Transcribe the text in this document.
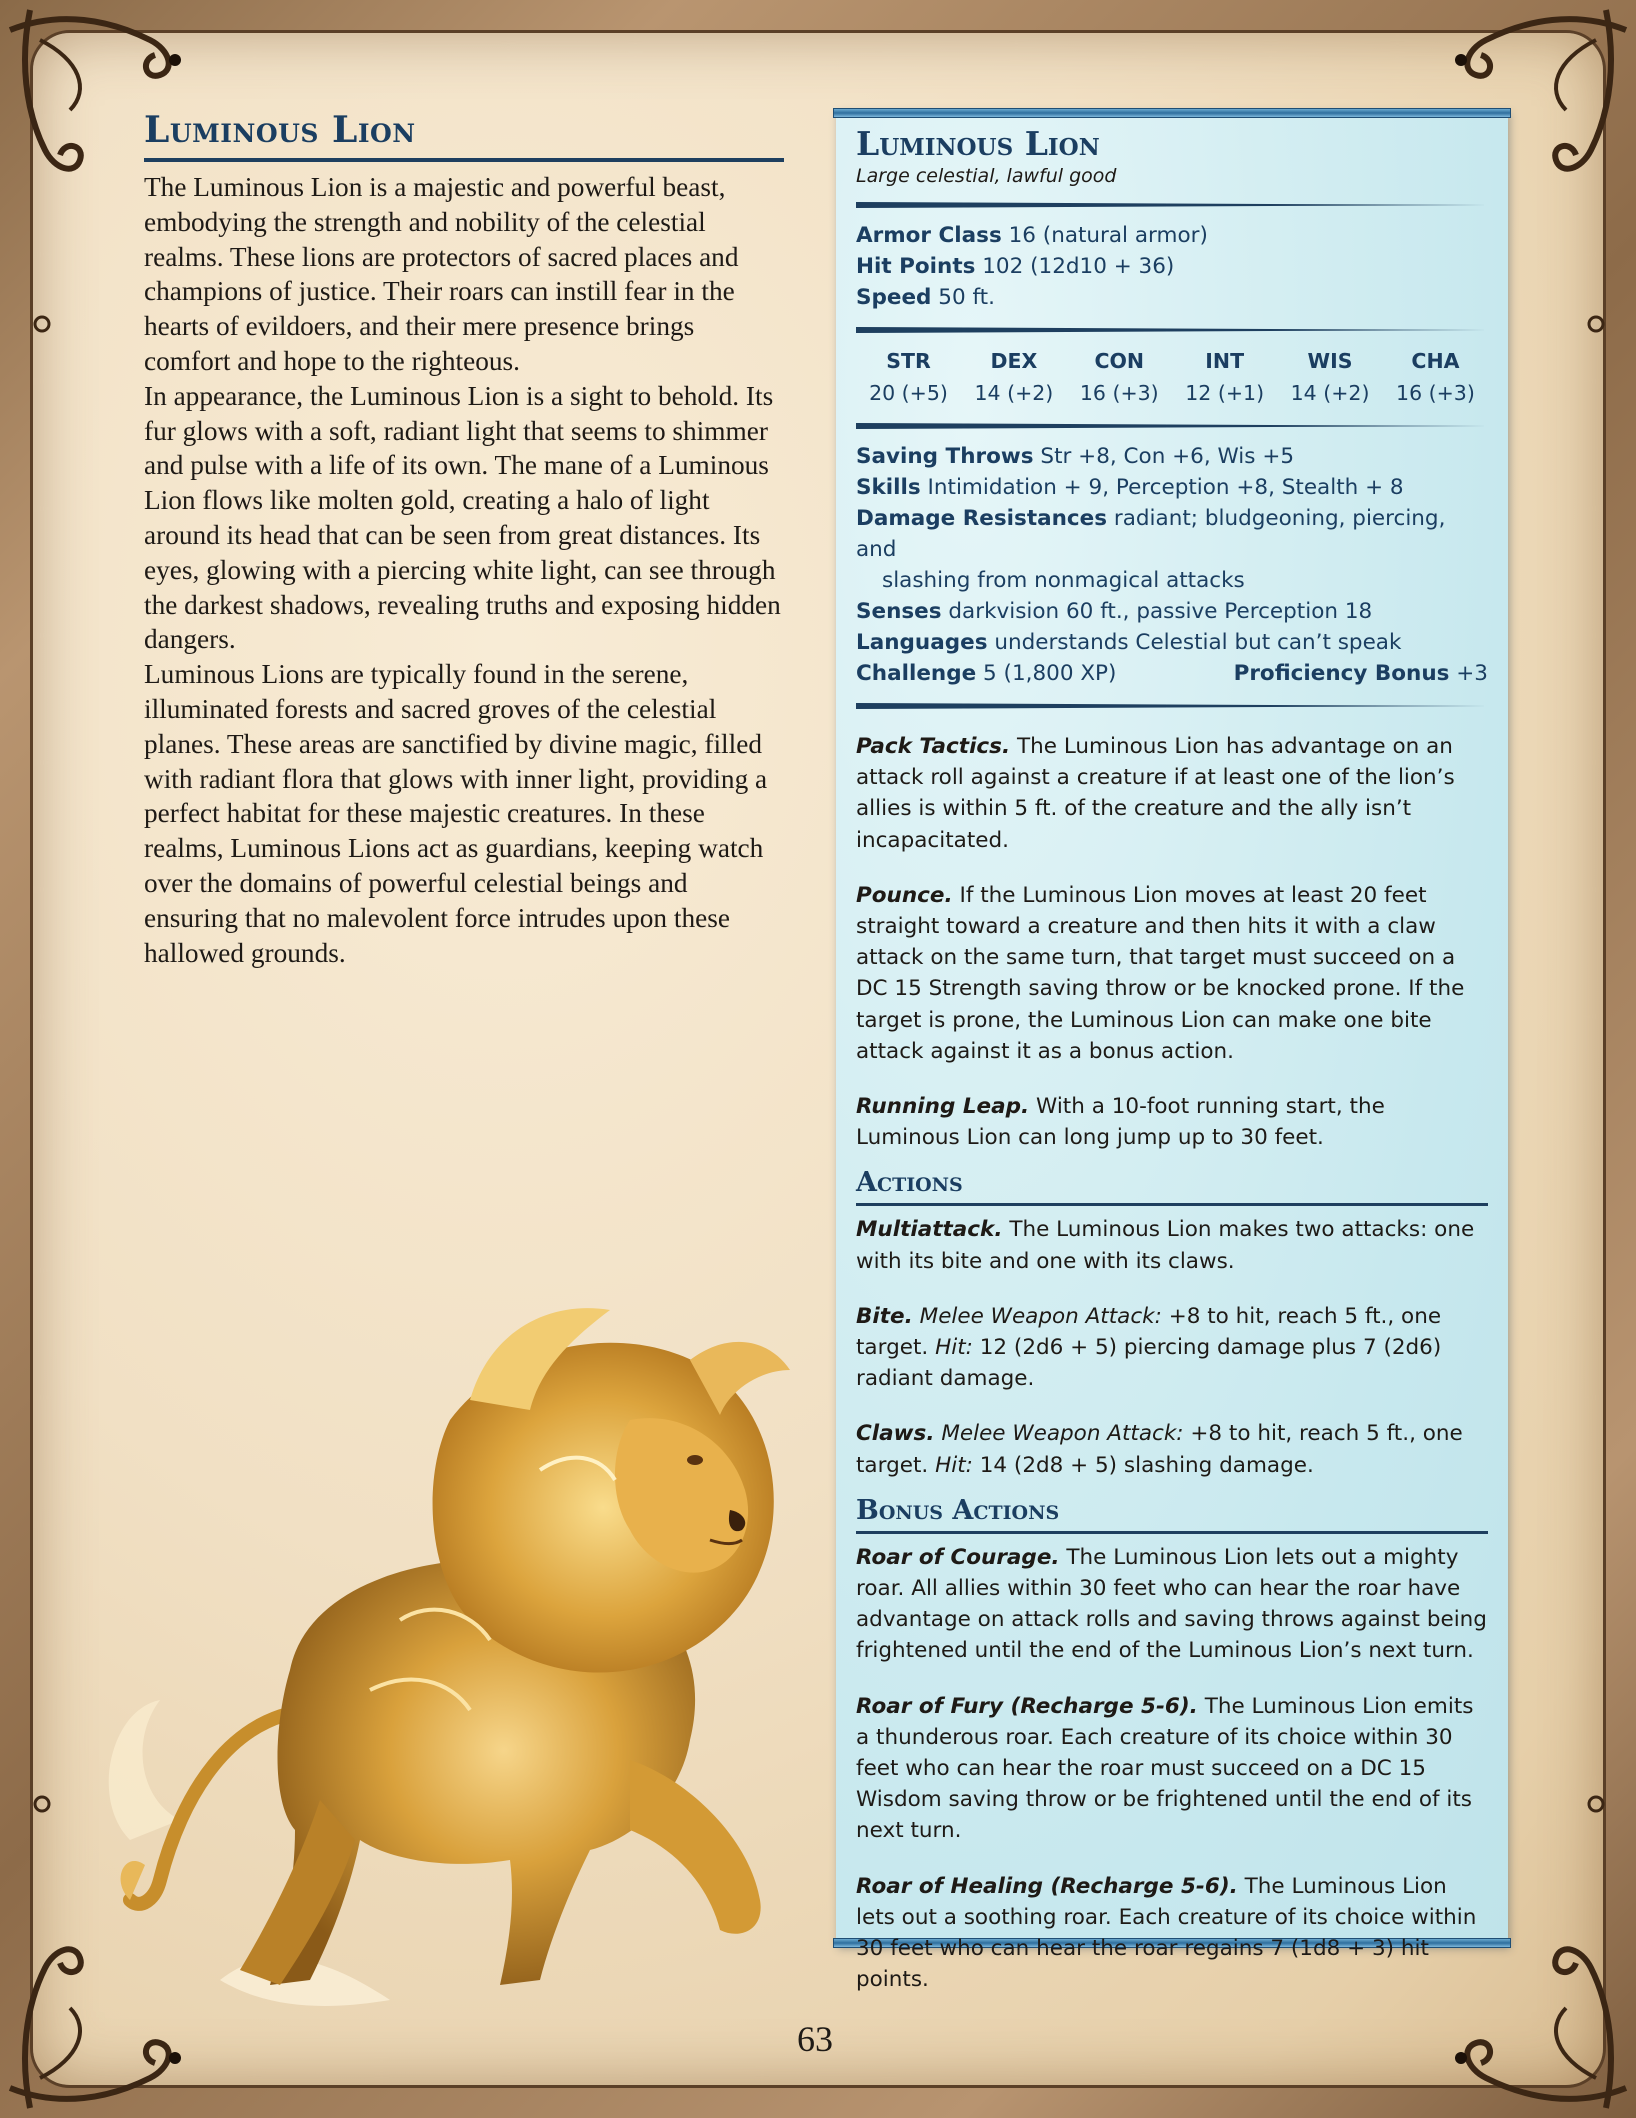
Luminous Lion

The Luminous Lion is a majestic and powerful beast, embodying the strength and nobility of the celestial realms. These lions are protectors of sacred places and champions of justice. Their roars can instill fear in the hearts of evildoers, and their mere presence brings comfort and hope to the righteous.

In appearance, the Luminous Lion is a sight to behold. Its fur glows with a soft, radiant light that seems to shimmer and pulse with a life of its own. The mane of a Luminous Lion flows like molten gold, creating a halo of light around its head that can be seen from great distances. Its eyes, glowing with a piercing white light, can see through the darkest shadows, revealing truths and exposing hidden dangers.

Luminous Lions are typically found in the serene, illuminated forests and sacred groves of the celestial planes. These areas are sanctified by divine magic, filled with radiant flora that glows with inner light, providing a perfect habitat for these majestic creatures. In these realms, Luminous Lions act as guardians, keeping watch over the domains of powerful celestial beings and ensuring that no malevolent force intrudes upon these hallowed grounds.

63
Luminous Lion
Large celestial, lawful good
Armor Class 16 (natural armor)
Hit Points 102 (12d10 + 36)
Speed 50 ft.
STR
20 (+5)
DEX
14 (+2)
CON
16 (+3)
INT
12 (+1)
WIS
14 (+2)
CHA
16 (+3)
Saving Throws Str +8, Con +6, Wis +5
Skills Intimidation + 9, Perception +8, Stealth + 8
Damage Resistances radiant; bludgeoning, piercing, and
slashing from nonmagical attacks
Senses darkvision 60 ft., passive Perception 18
Languages understands Celestial but can’t speak
Challenge 5 (1,800 XP)	Proficiency Bonus +3
Pack Tactics. The Luminous Lion has advantage on an attack roll against a creature if at least one of the lion’s allies is within 5 ft. of the creature and the ally isn’t incapacitated.
Pounce. If the Luminous Lion moves at least 20 feet straight toward a creature and then hits it with a claw attack on the same turn, that target must succeed on a DC 15 Strength saving throw or be knocked prone. If the target is prone, the Luminous Lion can make one bite attack against it as a bonus action.
Running Leap. With a 10-foot running start, the Luminous Lion can long jump up to 30 feet.
Actions
Multiattack. The Luminous Lion makes two attacks: one with its bite and one with its claws.
Bite. Melee Weapon Attack: +8 to hit, reach 5 ft., one target. Hit: 12 (2d6 + 5) piercing damage plus 7 (2d6) radiant damage.
Claws. Melee Weapon Attack: +8 to hit, reach 5 ft., one target. Hit: 14 (2d8 + 5) slashing damage.
Bonus Actions
Roar of Courage. The Luminous Lion lets out a mighty roar. All allies within 30 feet who can hear the roar have advantage on attack rolls and saving throws against being frightened until the end of the Luminous Lion’s next turn.
Roar of Fury (Recharge 5-6). The Luminous Lion emits a thunderous roar. Each creature of its choice within 30 feet who can hear the roar must succeed on a DC 15 Wisdom saving throw or be frightened until the end of its next turn.
Roar of Healing (Recharge 5-6). The Luminous Lion lets out a soothing roar. Each creature of its choice within 30 feet who can hear the roar regains 7 (1d8 + 3) hit points.
